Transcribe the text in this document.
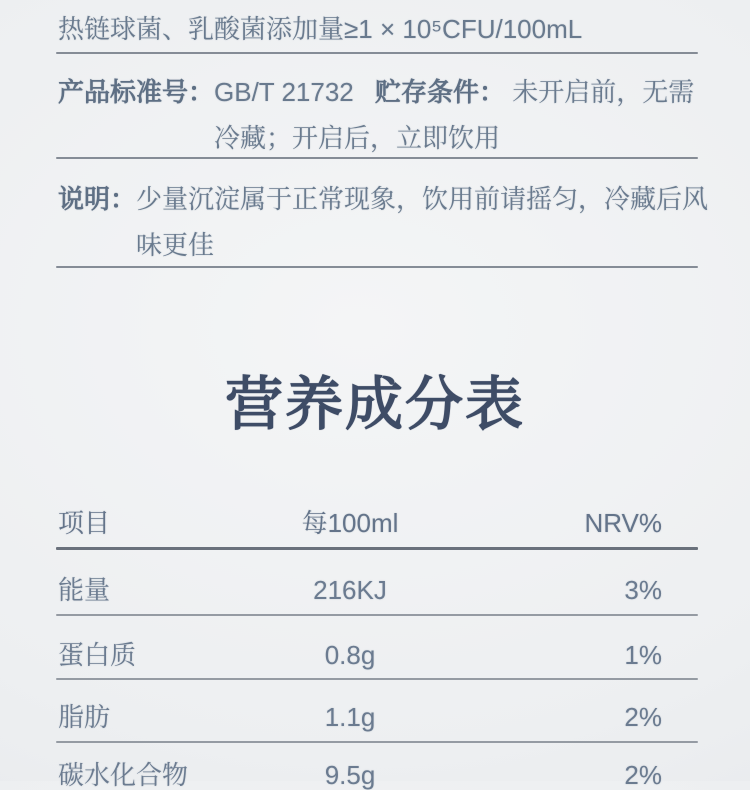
热链球菌、乳酸菌添加量≥1 × 10⁵CFU/100mL
产品标准号： GB/T 21732 贮存条件： 未开启前，无需
冷藏；开启后，立即饮用
说明： 少量沉淀属于正常现象，饮用前请摇匀，冷藏后风
味更佳
营养成分表
项目	每100ml	NRV%
能量	216KJ	3%
蛋白质	0.8g	1%
脂肪	1.1g	2%
碳水化合物	9.5g	2%
